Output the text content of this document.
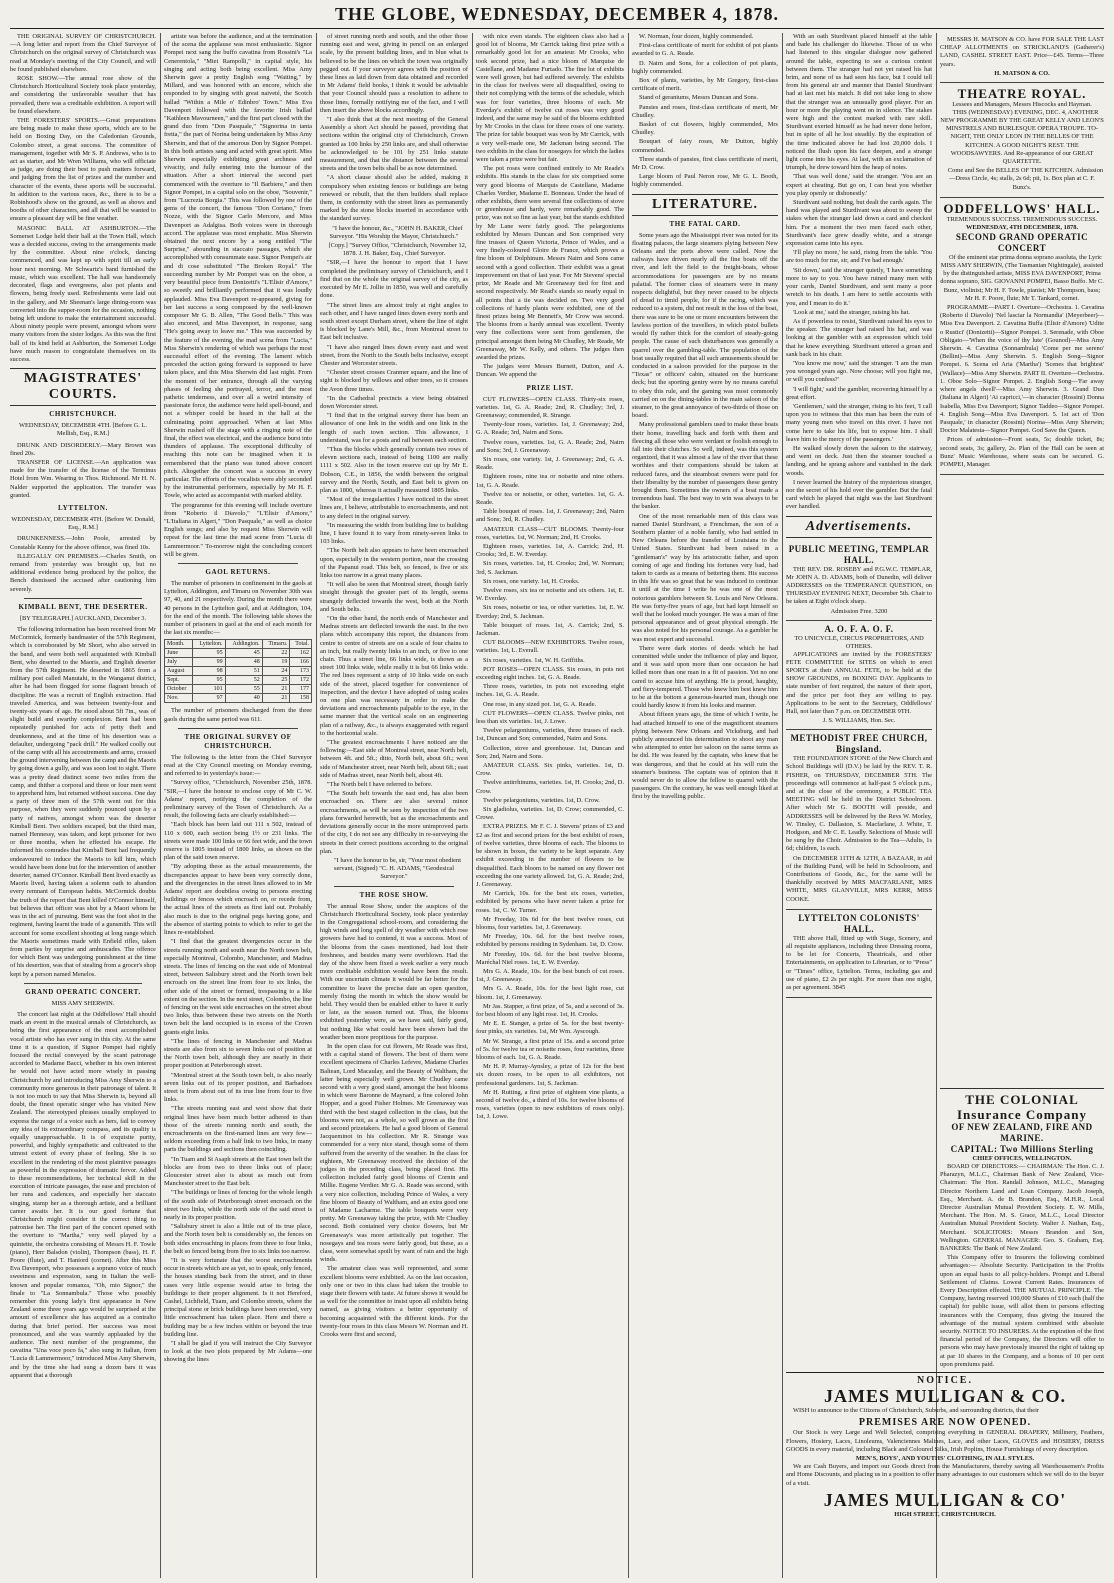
THE GLOBE, WEDNESDAY, DECEMBER 4, 1878.

THE ORIGINAL SURVEY OF CHRISTCHURCH.—A long letter and report from the Chief Surveyor of Christchurch on the original survey of Christchurch was read at Monday's meeting of the City Council, and will be found published elsewhere.

ROSE SHOW.—The annual rose show of the Christchurch Horticultural Society took place yesterday, and considering the unfavorable weather that has prevailed, there was a creditable exhibition. A report will be found elsewhere.

THE FORESTERS' SPORTS.—Great preparations are being made to make these sports, which are to be held on Boxing Day, on the Caledonian Grounds, Colombo street, a great success. The committee of management, together with Mr S. P. Andrews, who is to act as starter, and Mr Wren Williams, who will officiate as judge, are doing their best to push matters forward, and judging from the list of prizes and the number and character of the events, these sports will be successful. In addition to the various races, &c., there is to be a Robinhood's show on the ground, as well as shows and booths of other characters, and all that will be wanted to ensure a pleasant day will be fine weather.

MASONIC BALL AT ASHBURTON.—The Somerset Lodge held their ball at the Town Hall, which was a decided success, owing to the arrangements made by the committee. About nine o'clock, dancing commenced, and was kept up with spirit till an early hour next morning. Mr Schwartz's band furnished the music, which was excellent. The hall was handsomely decorated, flags and evergreens, also pot plants and flowers, being freely used. Refreshments were laid out in the gallery, and Mr Sheenan's large dining-room was converted into the supper-room for the occasion, nothing being left undone to make the entertainment successful. About ninety people were present, amongst whom were many visitors from the sister lodges. As this was the first ball of its kind held at Ashburton, the Somerset Lodge have much reason to congratulate themselves on its success.

MAGISTRATES' COURTS.
CHRISTCHURCH.
WEDNESDAY, DECEMBER 4TH. [Before G. L. Mellish, Esq., R.M.]

DRUNK AND DISORDERLY.—Mary Brown was fined 20s.

TRANSFER OF LICENSE.—An application was made for the transfer of the license of the Terminus Hotel from Wm. Wearing to Thos. Richmond. Mr H. N. Nalder supported the application. The transfer was granted.

LYTTELTON.
WEDNESDAY, DECEMBER 4TH. [Before W. Donald, Esq., R.M.]

DRUNKENNESS.—John Poole, arrested by Constable Kenny for the above offence, was fined 10s.

ILLEGALLY ON PREMISES.—Charles Smith, on remand from yesterday was brought up, but no additional evidence being produced by the police, the Bench dismissed the accused after cautioning him severely.

KIMBALL BENT, THE DESERTER.
[BY TELEGRAPH.] AUCKLAND, December 3.

The following information has been received from Mr McCormick, formerly bandmaster of the 57th Regiment, which is corroborated by Mr Short, who also served in the band, and were both well acquainted with Kimball Bent, who deserted to the Maoris, and English deserter from the 57th Regiment. He deserted in 1865 from a military post called Manutahi, in the Wanganui district, after he had been flogged for some flagrant breach of discipline. He was a recruit of English extraction. Had traveled America, and was between twenty-four and twenty-six years of age. He stood about 5ft 7in., was of slight build and swarthy complexion. Bent had been repeatedly punished for acts of petty theft and drunkenness, and at the time of his desertion was a defaulter, undergoing "pack drill." He walked coolly out of the camp with all his accoutrements and arms, crossed the ground intervening between the camp and the Maoris by going down a gully, and was soon lost to sight. There was a pretty dead distinct scene two miles from the camp, and thither a corporal and three or four men went to apprehend him, but returned without success. One day a party of three men of the 57th went out for this purpose, when they were suddenly pounced upon by a party of natives, amongst whom was the deserter Kimball Bent. Two soldiers escaped, but the third man, named Hennessy, was taken, and kept prisoner for two or three months, when he effected his escape. He informed his comrades that Kimball Bent had frequently endeavoured to induce the Maoris to kill him, which would have been done but for the intervention of another deserter, named O'Connor. Kimball Bent lived exactly as Maoris lived, having taken a solemn oath to abandon every remnant of European habits. McCormick doubts the truth of the report that Bent killed O'Connor himself, but believes that officer was shot by a Maori whom he was in the act of pursuing. Bent was the foot shot in the regiment, having learnt the trade of a gunsmith. This will account for some excellent shooting at long range which the Maoris sometimes made with Enfield rifles, taken from parties by surprise and ambuscades. The offence for which Bent was undergoing punishment at the time of his desertion, was that of stealing from a grocer's shop kept by a person named Menelos.

GRAND OPERATIC CONCERT.
MISS AMY SHERWIN.

The concert last night at the Oddfellows' Hall should mark an event in the musical annals of Christchurch, as being the first appearance of the most accomplished vocal artiste who has ever sung in this city. At the same time it is a question, if Signor Pompei had rightly focused the recital conveyed by the scant patronage accorded to Madame Bacci, whether in his own interest he would not have acted more wisely in passing Christchurch by and introducing Miss Amy Sherwin to a community more generous in their patronage of talent. It is not too much to say that Miss Sherwin is, beyond all doubt, the finest operatic singer who has visited New Zealand. The stereotyped phrases usually employed to express the range of a voice such as hers, fail to convey any idea of its extraordinary compass, and its quality is equally unapproachable. It is of exquisite purity, powerful, and highly sympathetic and cultivated to the utmost extent of every phase of feeling. She is so excellent in the rendering of the most plaintive passages as powerful in the expression of dramatic fervor. Added to these recommendations, her technical skill in the execution of intricate passages, the ease and precision of her runs and cadences, and especially her staccato singing, stamp her as a thorough artiste, and a brilliant career awaits her. It is our good fortune that Christchurch might consider it the correct thing to patronise her. The first part of the concert opened with the overture to "Martha," very well played by a quintette, the orchestra consisting of Messrs H. F. Towle (piano), Herr Balsdon (violin), Thompson (bass), H. F. Poore (flute), and T. Haniord (cornet). After this Miss Eva Davenport, who possesses a soprano voice of much sweetness and expression, sang in Italian the well-known and popular romanza, "Oh, mio Signor," the finale to "La Sonnambula." Those who possibly remember this young lady's first appearance in New Zealand some three years ago would be surprised at the amount of excellence she has acquired as a contralto during that brief period. Her success was most pronounced, and she was warmly applauded by the audience. The next number of the programme, the cavatina "Una voce poco fa," also sung in Italian, from "Lucia di Lammermoor," introduced Miss Amy Sherwin, and by the time she had sung a dozen bars it was apparent that a thorough

artiste was before the audience, and at the termination of the scena the applause was most enthusiastic. Signor Pompei next sang the buffo cavatina from Rossini's "La Cenerentola," "Miei Rampolli," in capital style, his singing and acting both being excellent. Miss Amy Sherwin gave a pretty English song "Waiting," by Millard, and was honored with an encore, which she responded to by singing with great naiveté, the Scotch ballad "Within a Mile o' Edinbro' Town." Miss Eva Davenport followed with the favorite Irish ballad "Kathleen Mavourneen," and the first part closed with the grand duo from "Don Pasquale," "Signorina in tanta fretta," the part of Norina being undertaken by Miss Amy Sherwin, and that of the amorous Don by Signor Pompei. In this both artistes sang and acted with great spirit. Miss Sherwin especially exhibiting great archness and vivacity, and fully entering into the humour of the situation. After a short interval the second part commenced with the overture to "Il Barbiere," and then Signor Pompei, in a capital solo on the oboe, "Souvenir," from "Lucrezia Borgia." This was followed by one of the gems of the concert, the famous "Don Cortano," from Nozze, with the Signor Carlo Mercore, and Miss Davenport as Adalgisa. Both voices were in thorough accord. The applause was most emphatic. Miss Sherwin obtained the next encore by a song entitled "The Surprise," abounding in staccato passages, which she accomplished with consummate ease. Signor Pompei's air and di cose substituted "The Broken Royal." The succeeding number by Mr Pompei was on the oboe, a very beautiful piece from Donizetti's "L'Elisir d'Amore," so sweetly and brilliantly performed that it was loudly applauded. Miss Eva Davenport re-appeared, giving for her last success a song composed by the well-known composer Mr G. B. Allen, "The Good Bells." This was also encored, and Miss Davenport, in response, sang "He's going away to leave me." This was succeeded by the feature of the evening, the mad scena from "Lucia," Miss Sherwin's rendering of which was perhaps the most successful effort of the evening. The lament which preceded the action going forward is supposed to have taken place, and this Miss Sherwin did last night. From the moment of her entrance, through all the varying phases of feeling she portrayed, terror, and the most pathetic tenderness, and over all a weird intensity of passionate force, the audience were held spell-bound, and not a whisper could be heard in the hall at the culminating point approached. When at last Miss Sherwin rushed off the stage with a ringing note of the final, the effect was electrical, and the audience burst into thunders of applause. The exceptional difficulty of reaching this note can be imagined when it is remembered that the piano was tuned above concert pitch. Altogether the concert was a success in every particular. The efforts of the vocalists were ably seconded by the instrumental performers, especially by Mr H. F. Towle, who acted as accompanist with marked ability.

The programme for this evening will include overture from "Roberto il Diavolo," "L'Elisir d'Amore," "L'Italiana in Algeri," "Don Pasquale," as well as choice English songs; and also by request Miss Sherwin will repeat for the last time the mad scene from "Lucia di Lammermoor." To-morrow night the concluding concert will be given.

GAOL RETURNS.

The number of prisoners in confinement in the gaols at Lyttelton, Addington, and Timaru on November 30th was 97, 40, and 21 respectively. During the month there were 40 persons in the Lyttelton gaol, and at Addington, 104, for the end of the month. The following table shows the number of prisoners in gaol at the end of each month for the last six months:—

Month.	Lyttelton.	Addington.	Timaru.	Total.
June	95	45	22	162
July	99	48	19	166
August	98	51	24	173
Sept.	95	52	25	172
October	101	55	21	177
Nov.	97	40	21	158

The number of prisoners discharged from the three gaols during the same period was 611.

THE ORIGINAL SURVEY OF CHRISTCHURCH.

The following is the letter from the Chief Surveyor read at the City Council meeting on Monday evening, and referred to in yesterday's issue:—

"Survey office, "Christchurch, November 25th, 1878. "SIR,—I have the honour to enclose copy of Mr C. W. Adams' report, notifying the completion of the preliminary survey of the Town of Christchurch. As a result, the following facts are clearly established:—

"Each block has been laid out 111 x 502, instead of 110 x 600, each section being 1½ or 231 links. The streets were made 100 links or 66 feet wide, and the town reserve is 1805 instead of 1800 links, as shown on the plan of the said town reserve.

"By adopting these as the actual measurements, the discrepancies appear to have been very correctly done, and the divergencies in the street lines allowed to in Mr Adams' report are doubtless owing to persons erecting buildings or fences which encroach on, or recede from, the actual lines of the streets as first laid out. Probably also much is due to the original pegs having gone, and the absence of starting points to which to refer to get the lines re-established.

"I find that the greatest divergencies occur in the streets running north and south near the North town belt, especially Montreal, Colombo, Manchester, and Madras streets. The lines of fencing on the east side of Montreal street, between Salisbury street and the North town belt encroach on the street line from four to six links, the other side of the street or formed, trespassing to a like extent on the section. In the next street, Colombo, the line of fencing on the west side encroaches on the street about two links, thus between these two streets on the North town belt the land occupied is in excess of the Crown grants eight links.

"The lines of fencing in Manchester and Madras streets are also from six to seven links out of position at the North town belt, although they are nearly in their proper position at Peterborough street.

"Montreal street at the South town belt, is also nearly seven links out of its proper position, and Barbadoes street is from about out of its true line from four to five links.

"The streets running east and west show that their original lines have been much better adhered to than those of the streets running north and south, the encroachments on the first-named lines are very few—seldom exceeding from a half link to two links, in many parts the buildings and sections then coinciding.

"In Tuam and St Asaph streets at the East town belt the blocks are from two to three links out of place; Gloucester street also is about as much out from Manchester street to the East belt.

"The buildings or lines of fencing for the whole length of the south side of Peterborough street encroach on the street two links, while the north side of the said street is nearly in its proper position.

"Salisbury street is also a little out of its true place, and the North town belt is considerably so, the fences on both sides encroaching in places from three to four links, the belt so fenced being from five to six links too narrow.

"It is very fortunate that the worst encroachments occur in streets which are as yet, so to speak, only fenced, the houses standing back from the street, and in these cases very little expense would arise to bring the buildings to their proper alignment. Is it not Hereford, Cashel, Lichfield, Tuam, and Colombo streets, where the principal stone or brick buildings have been erected, very little encroachment has taken place. Here and there a building may be a few inches within or beyond the true building line.

"I shall be glad if you will instruct the City Surveyor to look at the two plots prepared by Mr Adams—one showing the lines

of street running north and south, and the other those running east and west, giving in pencil on an enlarged scale, by the present building lines, and in blue what is believed to be the lines on which the town was originally pegged out. If your surveyor agrees with the position of these lines as laid down from data obtained and recorded in Mr Adams' field books, I think it would be advisable that your Council should pass a resolution to adhere to those lines, formally notifying me of the fact, and I will then insert the above blocks accordingly.

"I also think that at the next meeting of the General Assembly a short Act should be passed, providing that sections within the original city of Christchurch, Crown granted as 100 links by 250 links are, and shall otherwise be acknowledged to be 101 by 251 links statute measurement, and that the distance between the several streets and the town belts shall be as now determined.

"A short clause should also be added, making it compulsory when existing fences or buildings are being renewed or rebuilt, that the then builders shall replace them, in conformity with the street lines as permanently marked by the stone blocks inserted in accordance with the standard survey.

"I have the honour, &c., "JOHN H. BAKER, Chief Surveyor. "His Worship the Mayor, Christchurch."

[Copy.] "Survey Office, "Christchurch, November 12, 1878. J. H. Baker, Esq., Chief Surveyor.

"SIR,—I have the honour to report that I have completed the preliminary survey of Christchurch, and I find that on the whole the original survey of the city, as executed by Mr E. Jollie in 1850, was well and carefully done.

"The street lines are almost truly at right angles to each other, and I have ranged lines down every north and south street except Durham street, where the line of sight is blocked by Lane's Mill, &c., from Montreal street to East belt inclusive.

"I have also ranged lines down every east and west street, from the North to the South belts inclusive, except Chester and Worcester streets.

"Chester street crosses Cranmer square, and the line of sight is blocked by willows and other trees, so it crosses the Avon three times.

"In the Cathedral precincts a view being obtained down Worcester street.

"I find that in the original survey there has been an allowance of one link in the width and one link in the length of each town section. This allowance, I understand, was for a posts and rail between each section.

"Thus the blocks which generally contain two rows of eleven sections each, instead of being 1100 are really 1111 x 502. Also in the town reserve cut up by Mr E. Dobson, C.E., in 1856, the width between the original survey and the North, South, and East belt is given on plan as 1800, whereas it actually measured 1805 links.

"Most of the irregularities I have noticed in the street lines are, I believe, attributable to encroachments, and not to any defect in the original survey.

"In measuring the width from building line to building line, I have found it to vary from ninety-seven links to 103 links.

"The North belt also appears to have been encroached upon, especially in the western portion, near the crossing of the Papanui road. This belt, so fenced, is five or six links too narrow in a great many places.

"It will also be seen that Montreal street, though fairly straight through the greater part of its length, seems strangely deflected towards the west, both at the North and South belts.

"On the other hand, the north ends of Manchester and Madras streets are deflected towards the east. In the two plans which accompany this report, the distances from centre to centre of streets are on a scale of four chains to an inch, but really twenty links to an inch, or five to one chain. Thus a street line, 66 links wide, is shown as a street 100 links wide, while really it is but 66 links wide. The red lines represent a strip of 10 links wide on each side of the street, placed together for convenience of inspection, and the device I have adopted of using scales on one plan was necessary in order to make the deviations and encroachments palpable to the eye, in the same manner that the vertical scale on an engineering plan of a railway, &c., is always exaggerated with regard to the horizontal scale.

"The greatest encroachments I have noticed are the following:—East side of Montreal street, near North belt, between 4ft. and 5ft.; ditto, North belt, about 6ft.; west side of Manchester street, near North belt, about 6ft.; east side of Madras street, near North belt, about 4ft.

"The North belt I have referred to before.

"The South belt towards the east end, has also been encroached on. There are also several minor encroachments, as will be seen by inspection of the two plans forwarded herewith, but as the encroachments and deviations generally occur in the more unimproved parts of the city, I do not see any difficulty in re-surveying the streets in their correct positions according to the original plan.

"I have the honour to be, sir, "Your most obedient servant, (Signed) "C. H. ADAMS, "Geodesical Surveyor."

THE ROSE SHOW.

The annual Rose Show, under the auspices of the Christchurch Horticultural Society, took place yesterday in the Congregational school-room, and considering the high winds and long spell of dry weather with which rose growers have had to contend, it was a success. Most of the blooms from the cases mentioned, had lost their freshness, and besides many were overblown. Had the day of the show been fixed a week earlier a very much more creditable exhibition would have been the result. With our uncertain climate it would be far better for the committee to leave the precise date an open question, merely fixing the month in which the show would be held. They would then be enabled either to have it early or late, as the season turned out. Thus, the blooms exhibited yesterday were, as we have said, fairly good, but nothing like what could have been shown had the weather been more propitious for the purpose.

In the open class for cut flowers, Mr Reade was first, with a capital stand of flowers. The best of them were excellent specimens of Charles Lefevre, Madame Charles Baltean, Lord Macaulay, and the Beauty of Waltham, the latter being especially well grown. Mr Chudley came second with a very good stand, amongst the best blooms in which were Baronne de Maynard, a fine colored John Hopper, and a good Fisher Holmes. Mr Greenaway was third with the best staged collection in the class, but the blooms were not, as a whole, so well grown as the first and second prizetakers. He had a good bloom of General Jacqueminot in his collection. Mr R. Strange was commended for a very nice stand, though some of them suffered from the severity of the weather. In the class for eighteen, Mr Greenaway received the decision of the judges in the preceding class, being placed first. His collection included fairly good blooms of Cornin and Millie. Eugene Verdier. Mr G. A. Reade was second, with a very nice collection, including Prince of Wales, a very fine bloom of Beauty of Waltham, and an extra good one of Madame Lacharme. The table bouquets were very pretty. Mr Greenaway taking the prize, with Mr Chudley second. Both contained very choice flowers, but Mr Greenaway's was more artistically put together. The nosegays and tea roses were fairly good, but these, as a class, were somewhat spoilt by want of rain and the high winds.

The amateur class was well represented, and some excellent blooms were exhibited. As on the last occasion, only one or two in this class had taken the trouble to stage their flowers with taste. At future shows it would be as well for the committee to insist upon all exhibits being named, as giving visitors a better opportunity of becoming acquainted with the different kinds. For the twenty-four roses in this class Messrs W. Norman and H. Crooks were first and second,

with nice even stands. The eighteen class also had a good lot of blooms, Mr Carrick taking first prize with a remarkably good lot for an amateur. Mr Crooks, who took second prize, had a nice bloom of Marquise de Castellane, and Madame Furtado. The fine lot of exhibits were well grown, but had suffered severely. The exhibits in the class for twelves were all disqualified, owing to their not complying with the terms of the schedule, which was for four varieties, three blooms of each. Mr Everday's exhibit of twelve cut roses was very good indeed, and the same may be said of the blooms exhibited by Mr Crooks in the class for three roses of one variety. The prize for table bouquet was won by Mr Carrick, with a very well-made one, Mr Jackman being second. The two exhibits in the class for nosegays for which the ladies were taken a prize were but fair.

The pot roses were confined entirely to Mr Reade's exhibits. His stands in the class for six comprised some very good blooms of Marquis de Castellane, Madame Charles Verdier, Madame E. Bonneau. Under the head of other exhibits, there were several fine collections of stove or greenhouse and hardy, were remarkably good. The prize, was not so fine as last year, but the stands exhibited by Mr Lane were fairly good. The pelargoniums exhibited by Messrs Duncan and Son comprised very fine trusses of Queen Victoria, Prince of Wales, and a very finely-coloured Gloire de France, which proves a fine bloom of Dolphinum. Messrs Nairn and Sons came second with a good collection. Their exhibit was a great improvement on that of last year. For Mr Stevens' special prize, Mr Reade and Mr Greenaway tied for first and second respectively. Mr Read's stands so nearly equal in all points that a tie was decided on. Two very good collections of hardy plants were exhibited, one of the finest prizes being Mr Bennett's, Mr Crow was second. The blooms from a hardy annual was excellent. Twenty very fine collections were sent from gentlemen, the principal amongst them being Mr Chudley, Mr Reade, Mr Greenaway, Mr W. Kelly, and others. The judges then awarded the prizes.

The judges were Messrs Burnett, Dutton, and A. Duncan. We append the

PRIZE LIST.

CUT FLOWERS—OPEN CLASS. Thirty-six roses, varieties. 1st, G. A. Reade; 2nd, R. Chudley; 3rd, J. Greenaway; commended, R. Strange.

Twenty-four roses, varieties. 1st, J. Greenaway; 2nd, G. A. Reade; 3rd, Nairn and Sons.

Twelve roses, varieties. 1st, G. A. Reade; 2nd, Nairn and Sons; 3rd, J. Greenaway.

Six roses, one variety. 1st, J. Greenaway; 2nd, G. A. Reade.

Eighteen roses, nine tea or noisette and nine others. 1st, G. A. Reade.

Twelve tea or noisette, or other, varieties. 1st, G. A. Reade.

Table bouquet of roses. 1st, J. Greenaway; 2nd, Nairn and Sons; 3rd, R. Chudley.

AMATEUR CLASS—CUT BLOOMS. Twenty-four roses, varieties. 1st, W. Norman; 2nd, H. Crooks.

Eighteen roses, varieties. 1st, A. Carrick; 2nd, H. Crooks; 3rd, E. W. Everday.

Six roses, varieties. 1st, H. Crooks; 2nd, W. Norman; 3rd, S. Jackman.

Six roses, one variety. 1st, H. Crooks.

Twelve roses, six tea or noisette and six others. 1st, E. W. Everday.

Six roses, noisette or tea, or other varieties. 1st, E. W. Everday; 2nd, S. Jackman.

Table bouquet of roses. 1st, A. Carrick; 2nd, S. Jackman.

CUT BLOOMS—NEW EXHIBITORS. Twelve roses, varieties. 1st, L. Everall.

Six roses, varieties. 1st, W. H. Griffiths.

POT ROSES—OPEN CLASS. Six roses, in pots not exceeding eight inches. 1st, G. A. Reade.

Three roses, varieties, in pots not exceeding eight inches. 1st, G. A. Reade.

One rose, in any sized pot. 1st, G. A. Reade.

CUT FLOWERS—OPEN CLASS. Twelve pinks, not less than six varieties. 1st, J. Lowe.

Twelve pelargoniums, varieties, three trusses of each. 1st, Duncan and Son; commended, Nairn and Sons.

Collection, stove and greenhouse. 1st, Duncan and Son; 2nd, Nairn and Sons.

AMATEUR CLASS. Six pinks, varieties. 1st, D. Crow.

Twelve antirrhinums, varieties. 1st, H. Crooks; 2nd, D. Crow.

Twelve pelargoniums, varieties. 1st, D. Crow.

Six gladiolus, varieties. 1st, D. Crow; commended, C. Crowe.

EXTRA PRIZES. Mr F. C. J. Stevens' prizes of £3 and £2 as first and second prizes for the best exhibit of roses, of twelve varieties, three blooms of each. The blooms to be shown in boxes, the variety to be kept separate. Any exhibit exceeding in the number of flowers to be disqualified. Each bloom to be named on any flower not exceeding the one variety allowed. 1st, G. A. Reade; 2nd, J. Greenaway.

Mr Carrick, 10s. for the best six roses, varieties, exhibited by persons who have never taken a prize for roses. 1st, C. W. Turner.

Mr Freeday, 10s 6d for the best twelve roses, cut blooms, four varieties. 1st, J. Greenaway.

Mr Freeday, 10s. 6d. for the best twelve roses, exhibited by persons residing in Sydenham. 1st, D. Crow.

Mr Freeday, 10s. 6d. for the best twelve blooms, Maréchal Niel roses. 1st, E. W. Everday.

Mrs G. A. Reade, 10s. for the best bunch of cut roses. 1st, J. Greenaway.

Mrs G. A. Reade, 10s. for the best light rose, cut bloom. 1st, J. Greenaway.

Mr Jas. Stapper, a first prize, of 5s, and a second of 3s. for best bloom of any light rose. 1st, H. Crooks.

Mr E. E. Stanger, a prize of 5s. for the best twenty-four pinks, six varieties. 1st, Mr Wm. Ayscough.

Mr W. Strange, a first prize of 15s. and a second prize of 5s. for twelve tea or noisette roses, four varieties, three blooms of each. 1st, G. A. Reade.

Mr H. P. Murray-Aynsley, a prize of 12s for the best six dozen roses, to be open to all exhibitors, not professional gardeners. 1st, S. Jackman.

Mr H. Rutting, a first prize of eighteen vine plants, a second of twelve do., a third of 10s. for twelve blooms of roses, varieties (open to new exhibitors of roses only). 1st, J. Lowe.

W. Norman, four dozen, highly commended.

First-class certificate of merit for exhibit of pot plants awarded to G. A. Reade.

D. Nairn and Sons, for a collection of pot plants, highly commended.

Box of plants, varieties, by Mr Gregory, first-class certificate of merit.

Stand of geraniums, Messrs Duncan and Sons.

Pansies and roses, first-class certificate of merit, Mr Chudley.

Basket of cut flowers, highly commended, Mrs Chudley.

Bouquet of fairy roses, Mr Dutton, highly commended.

Three stands of pansies, first class certificate of merit, Mr D. Crow.

Large bloom of Paul Neron rose, Mr G. L. Booth, highly commended.

LITERATURE.
THE FATAL CARD.

Some years ago the Mississippi river was noted for its floating palaces, the large steamers plying between New Orleans and the ports above were called. Now the railways have driven nearly all the fine boats off the river, and left the field to the freight-boats, whose accommodations for passengers are by no means palatial. The former class of steamers were in many respects delightful, but they never ceased to be objects of dread to timid people, for if the racing, which was reduced to a system, did not result in the loss of the boat, there was sure to be one or more encounters between the lawless portion of the travellers, in which pistol bullets would fly rather thick for the comfort of steady-going people. The cause of such disturbances was generally a quarrel over the gambling-table. The population of the boat usually required that all such amusements should be conducted in a saloon provided for the purpose in the "Texas" or officers' cabin, situated on the hurricane deck; but the sporting gentry were by no means careful to obey this rule, and the gaming was most commonly carried on on the dining-tables in the main saloon of the steamer, to the great annoyance of two-thirds of those on board.

Many professional gamblers used to make these boats their home, travelling back and forth with them and fleecing all those who were verdant or foolish enough to fall into their clutches. So well, indeed, was this system organized, that it was almost a law of the river that these worthies and their companions should be taken at reduced fares, and the steamboat owners were paid for their liberality by the number of passengers these gentry brought them. Sometimes the owners of a boat made a tremendous haul. The best way to win was always to be the banker.

One of the most remarkable men of this class was named Daniel Sturdivant, a Frenchman, the son of a Southern planter of a noble family, who had settled in New Orleans before the transfer of Louisiana to the United States. Sturdivant had been raised in a "gentleman's" way by his aristocratic father, and upon coming of age and finding his fortunes very bad, had taken to cards as a means of bettering them. His success in this life was so great that he was induced to continue it until at the time I write he was one of the most notorious gamblers between St. Louis and New Orleans. He was forty-five years of age, but had kept himself so well that he looked much younger. He was a man of fine personal appearance and of great physical strength. He was also noted for his personal courage. As a gambler he was most expert and successful.

There were dark stories of deeds which he had committed while under the influence of play and liquor, and it was said upon more than one occasion he had killed more than one man in a fit of passion. Yet no one cared to accuse him of anything. He is proud, haughty, and fiery-tempered. Those who knew him best knew him to be at the bottom a generous-hearted man, though one could hardly know it from his looks and manner.

About fifteen years ago, the time of which I write, he had attached himself to one of the magnificent steamers plying between New Orleans and Vicksburg, and had publicly announced his determination to shoot any man who attempted to enter her saloon on the same terms as he did. He was feared by the captain, who knew that he was dangerous, and that he could at his will ruin the steamer's business. The captain was of opinion that it would never do to allow the fellow to quarrel with the passengers. On the contrary, he was well enough liked at first by the travelling public.

With an oath Sturdivant placed himself at the table and bade his challenger do likewise. Those of us who had listened to this singular dialogue now gathered around the table, expecting to see a curious contest between them. The stranger had not yet raised his hat brim, and none of us had seen his face, but I could tell from his general air and manner that Daniel Sturdivant had at last met his match. It did not take long to show that the stranger was an unusually good player. For an hour or more the playing went on in silence. The stakes were high and the contest marked with rare skill. Sturdivant exerted himself as he had never done before, but in spite of all he lost steadily. By the expiration of the time indicated above he had lost 20,000 dols. I noticed the flush upon his face deepen, and a strange light come into his eyes. At last, with an exclamation of triumph, he drew toward him the heap of notes.

'That was well done,' said the stranger. 'You are an expert at cheating. But go on, I can beat you whether you play openly or dishonestly.'

Sturdivant said nothing, but dealt the cards again. The hand was played and Sturdivant was about to sweep the stakes when the stranger laid down a card and checked him. For a moment the two men faced each other, Sturdivant's face grew deadly white, and a strange expression came into his eyes.

'I'll play no more,' he said, rising from the table. 'You are too much for me, sir, and I've had enough.'

'Sit down,' said the stranger quietly, 'I have something more to say to you. You have ruined many men with your cards, Daniel Sturdivant, and sent many a poor wretch to his death. I am here to settle accounts with you, and I mean to do it.'

'Look at me,' said the stranger, raising his hat.

As if powerless to resist, Sturdivant raised his eyes to the speaker. The stranger had raised his hat, and was looking at the gambler with an expression which told that he knew everything. Sturdivant uttered a groan and sank back in his chair.

'You know me now,' said the stranger. 'I am the man you wronged years ago. Now choose; will you fight me, or will you confess?'

'I will fight,' said the gambler, recovering himself by a great effort.

'Gentlemen,' said the stranger, rising to his feet, 'I call upon you to witness that this man has been the ruin of many young men who travel on this river. I have not come here to take his life, but to expose him. I shall leave him to the mercy of the passengers.'

He walked slowly down the saloon to the stairway, and went on deck. Just then the steamer touched a landing, and he sprang ashore and vanished in the dark woods.

I never learned the history of the mysterious stranger, nor the secret of his hold over the gambler. But the fatal card which he played that night was the last Sturdivant ever handled.

Advertisements.
PUBLIC MEETING, TEMPLAR HALL.

THE REV. DR. ROSEBY and P.G.W.C. TEMPLAR, Mr JOHN A. D. ADAMS, both of Dunedin, will deliver ADDRESSES on the TEMPERANCE QUESTION, on THURSDAY EVENING NEXT, December 5th. Chair to be taken at Eight o'clock sharp.

Admission Free. 3200
A. O. F. A. O. F.
TO UNICYCLE, CIRCUS PROPRIETORS, AND OTHERS.

APPLICATIONS are invited by the FORESTERS' FETE COMMITTEE for SITES on which to erect SPORTS at their ANNUAL FETE, to be held at the SHOW GROUNDS, on BOXING DAY. Applicants to state number of feet required, the nature of their sport, and the price per foot they are willing to pay. Applications to be sent to the Secretary, Oddfellows' Hall, not later than 7 p.m. on DECEMBER 9TH.

J. S. WILLIAMS, Hon. Sec.
METHODIST FREE CHURCH, Bingsland.

THE FOUNDATION STONE of the New Church and School Buildings will (D.V.) be laid by the REV. T. R. FISHER, on THURSDAY, DECEMBER 5TH. The proceedings will commence at half-past 5 o'clock p.m., and at the close of the ceremony, a PUBLIC TEA MEETING will be held in the District Schoolroom. After which Mr G. BOOTH will preside, and ADDRESSES will be delivered by the Revs W. Morley, W. Tinsley, C. Dallaston, S. Macfarlane, J. White, T. Hodgson, and Mr C. E. Leadly. Selections of Music will be sung by the Choir. Admission to the Tea—Adults, 1s 6d; children, 1s each.

On DECEMBER 11TH & 12TH, A BAZAAR, in aid of the Building Fund, will be held in Schoolroom, and Contributions of Goods, &c., for the same will be thankfully received by MRS MACFARLANE, MRS WHITE, MRS GLANVILLE, MRS KERR, MISS COOKE.

LYTTELTON COLONISTS' HALL.

THE above Hall, fitted up with Stage, Scenery, and all requisite appliances, including three Dressing rooms, to be let for Concerts, Theatricals, and other Entertainments, on application to Librarian, or to "Press" or "Times" office, Lyttelton. Terms, including gas and use of piano, £2 2s per night. For more than one night, as per agreement. 3845

MESSRS H. MATSON & CO. have FOR SALE THE LAST CHEAP ALLOTMENTS on STRICKLAND'S (Gatherer's) LAND, CASHEL STREET EAST. Price—£45. Terms—Three years.

H. MATSON & CO.
THEATRE ROYAL.
Lessees and Managers, Messrs Hiscocks and Hayman.

THIS (WEDNESDAY) EVENING, DEC. 4, ANOTHER NEW PROGRAMME BY THE GREAT KELLY AND LEON'S MINSTRELS AND BURLESQUE OPERA TROUPE. TO-NIGHT, THE ONLY LEON IN THE BELLES OF THE KITCHEN. A GOOD NIGHT'S REST. THE WOODSAWYERS. And Re-appearance of our GREAT QUARTETTE.

Come and See the BELLES OF THE KITCHEN. Admission—Dress Circle, 4s; stalls, 2s 6d; pit, 1s. Box plan at C. F. Bunz's.

ODDFELLOWS' HALL.
TREMENDOUS SUCCESS. TREMENDOUS SUCCESS.
WEDNESDAY, 4TH DECEMBER, 1878.
SECOND GRAND OPERATIC CONCERT

Of the eminent star prima donna soprano assoluta, the Lyric MISS AMY SHERWIN, (The Tasmanian Nightingale), assisted by the distinguished artiste, MISS EVA DAVENPORT, Prima donna soprano, SIG. GIOVANNI POMPEI, Basso Buffo. Mr C. Bunz, violinist; Mr H. F. Towle, pianist; Mr Thompson, bass; Mr H. F. Poore, flute; Mr T. Tankard, cornet.

PROGRAMME—PART I. Overture—Orchestra. 1. Cavatina (Roberto il Diavolo) 'Nel lasciar la Normandia' (Meyerbeer)—Miss Eva Davenport. 2. Cavatina Buffa (Elisir d'Amore) 'Udite o Rustici' (Donizetti)—Signor Pompei. 3. Serenade, with Oboe Obligato—'When the voice of thy lute' (Gounod)—Miss Amy Sherwin. 4. Cavatina (Sonnambula) 'Come per me sereno' (Bellini)—Miss Amy Sherwin. 5. English Song—Signor Pompei. 6. Scena ed Aria ('Martha') 'Scenes that brightest' (Wallace)—Miss Amy Sherwin. PART II. Overture—Orchestra. 1. Oboe Solo—Signor Pompei. 2. English Song—'Far away where angels dwell'—Miss Amy Sherwin. 3. Grand Duo (Italiana in Algeri) 'Ai capricci,'—in character (Rossini) Donna Isabella, Miss Eva Davenport; Signor Taddeo—Signor Pompei. 4. English Song—Miss Eva Davenport. 5. 1st act of 'Don Pasquale,' in character (Rossini) Norina—Miss Amy Sherwin; Doctor Malatesta—Signor Pompei. God Save the Queen.

Prices of admission—Front seats, 5s; double ticket, 8s; second seats, 3s; gallery, 2s. Plan of the Hall can be seen at Bunz' Music Warehouse, where seats can be secured. G. POMPEI, Manager.

THE COLONIAL Insurance Company
OF NEW ZEALAND, FIRE AND MARINE.
CAPITAL: Two Millions Sterling
CHIEF OFFICES, WELLINGTON.

BOARD OF DIRECTORS:— CHAIRMAN: The Hon. C. J. Pharazyn, M.L.C., Chairman Bank of New Zealand, Vice-Chairman: The Hon. Randall Johnson, M.L.C., Managing Director Northern Land and Loan Company. Jacob Joseph, Esq., Merchant. A. de B. Brandon, Esq., M.H.R., Local Director Australian Mutual Provident Society. E. W. Mills, Merchant. The Hon. M. S. Grace, M.L.C., Local Director Australian Mutual Provident Society. Walter J. Nathan, Esq., Merchant. SOLICITORS: Messrs Brandon and Son, Wellington. GENERAL MANAGER: Geo. S. Graham, Esq. BANKERS: The Bank of New Zealand.

This Company offer to Insurers the following combined advantages:— Absolute Security. Participation in the Profits upon an equal basis to all policy-holders. Prompt and Liberal Settlement of Claims. Lowest Current Rates. Insurances of Every Description effected. THE MUTUAL PRINCIPLE. The Company, having reserved 100,000 Shares of £10 each (half the capital) for public issue, will allot them to persons effecting insurances with the Company, thus giving the insured the advantage of the mutual system combined with absolute security. NOTICE TO INSURERS. At the expiration of the first financial period of the Company, the Directors will offer to persons who may have previously insured the right of taking up at par 10 shares in the Company, and a bonus of 10 per cent upon premiums paid.

NOTICE.
JAMES MULLIGAN & CO.

WISH to announce to the Citizens of Christchurch, Suburbs, and surrounding districts, that their

PREMISES ARE NOW OPENED.

Our Stock is very Large and Well Selected, comprising everything in GENERAL DRAPERY, Millinery, Feathers, Flowers, Hosiery, Laces, Linoleums, Valenciennes Malines, Lace, and other Laces, GLOVES and HOSIERY, DRESS GOODS in every material, including Black and Coloured Silks, Irish Poplins, House Furnishings of every description.

MEN'S, BOYS', AND YOUTHS' CLOTHING, IN ALL STYLES.

We are Cash Buyers, and import our Goods direct from the Manufacturers, thereby saving all Warehousemen's Profits and Home Discounts, and placing us in a position to offer many advantages to our customers which we will do to the buyer of a visit.

JAMES MULLIGAN & CO'
HIGH STREET, CHRISTCHURCH.
